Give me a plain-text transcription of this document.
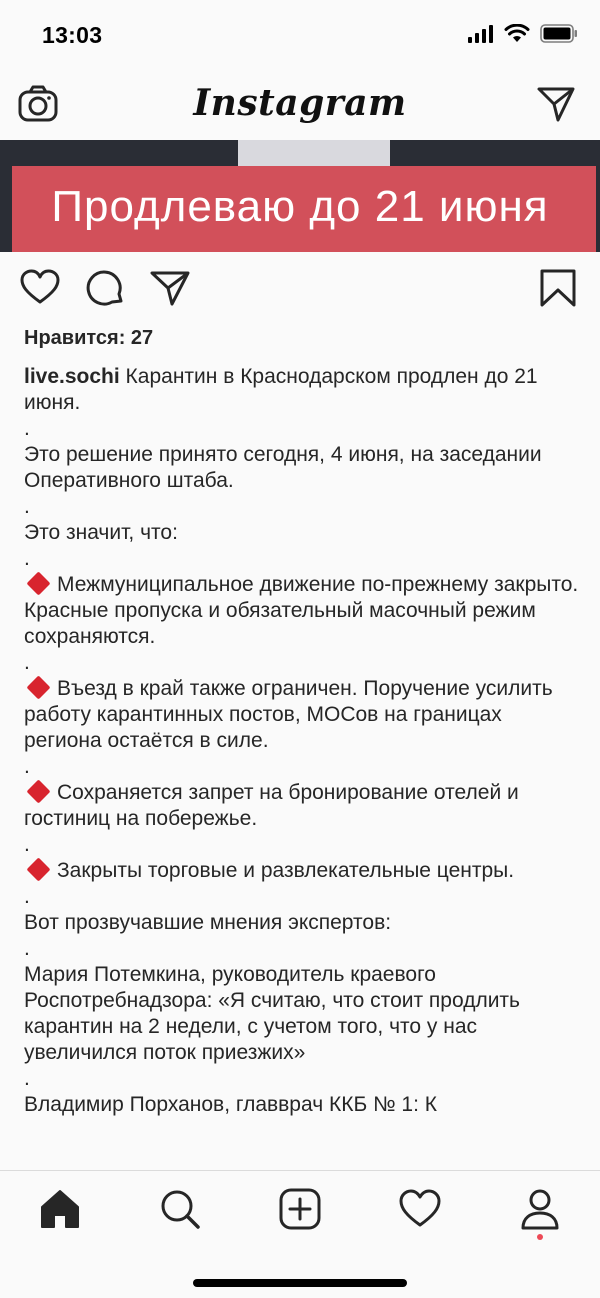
13:03
Instagram
Продлеваю до 21 июня
Нравится: 27

live.sochi Карантин в Краснодарском продлен до 21 июня.

.

Это решение принято сегодня, 4 июня, на заседании Оперативного штаба.

.

Это значит, что:

.

Межмуниципальное движение по-прежнему закрыто. Красные пропуска и обязательный масочный режим сохраняются.

.

Въезд в край также ограничен. Поручение усилить работу карантинных постов, МОСов на границах региона остаётся в силе.

.

Сохраняется запрет на бронирование отелей и гостиниц на побережье.

.

Закрыты торговые и развлекательные центры.

.

Вот прозвучавшие мнения экспертов:

.

Мария Потемкина, руководитель краевого Роспотребнадзора: «Я считаю, что стоит продлить карантин на 2 недели, с учетом того, что у нас увеличился поток приезжих»

.

Владимир Порханов, главврач ККБ № 1: К
